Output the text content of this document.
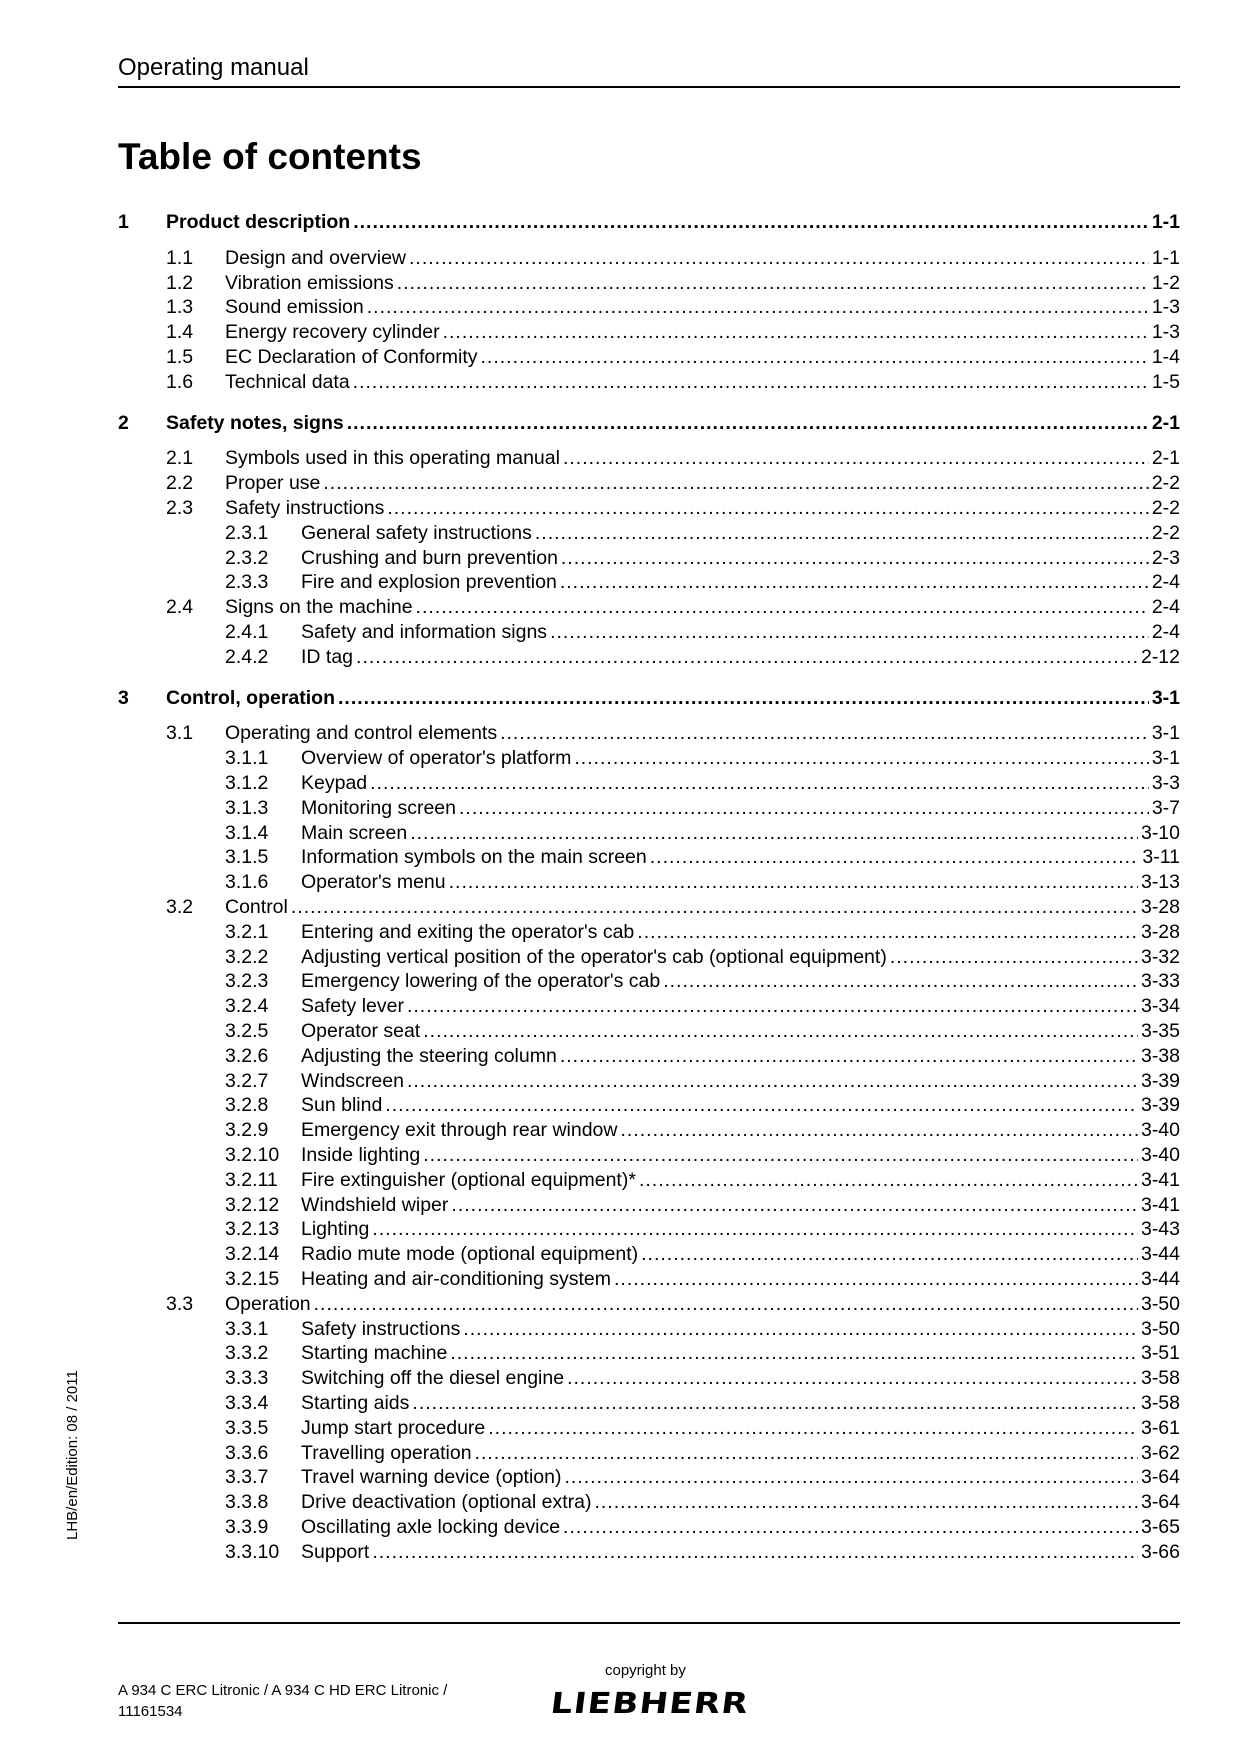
Operating manual
Table of contents
1 Product description .....	1-1
1.1 Design and overview .....	1-1
1.2 Vibration emissions .....	1-2
1.3 Sound emission .....	1-3
1.4 Energy recovery cylinder .....	1-3
1.5 EC Declaration of Conformity .....	1-4
1.6 Technical data .....	1-5
2 Safety notes, signs .....	2-1
2.1 Symbols used in this operating manual .....	2-1
2.2 Proper use .....	2-2
2.3 Safety instructions .....	2-2
2.3.1 General safety instructions .....	2-2
2.3.2 Crushing and burn prevention .....	2-3
2.3.3 Fire and explosion prevention .....	2-4
2.4 Signs on the machine .....	2-4
2.4.1 Safety and information signs .....	2-4
2.4.2 ID tag .....	2-12
3 Control, operation .....	3-1
3.1 Operating and control elements .....	3-1
3.1.1 Overview of operator's platform .....	3-1
3.1.2 Keypad .....	3-3
3.1.3 Monitoring screen .....	3-7
3.1.4 Main screen .....	3-10
3.1.5 Information symbols on the main screen .....	3-11
3.1.6 Operator's menu .....	3-13
3.2 Control .....	3-28
3.2.1 Entering and exiting the operator's cab .....	3-28
3.2.2 Adjusting vertical position of the operator's cab (optional equipment) .....	3-32
3.2.3 Emergency lowering of the operator's cab .....	3-33
3.2.4 Safety lever .....	3-34
3.2.5 Operator seat .....	3-35
3.2.6 Adjusting the steering column .....	3-38
3.2.7 Windscreen .....	3-39
3.2.8 Sun blind .....	3-39
3.2.9 Emergency exit through rear window .....	3-40
3.2.10 Inside lighting .....	3-40
3.2.11 Fire extinguisher (optional equipment)* .....	3-41
3.2.12 Windshield wiper .....	3-41
3.2.13 Lighting .....	3-43
3.2.14 Radio mute mode (optional equipment) .....	3-44
3.2.15 Heating and air-conditioning system .....	3-44
3.3 Operation .....	3-50
3.3.1 Safety instructions .....	3-50
3.3.2 Starting machine .....	3-51
3.3.3 Switching off the diesel engine .....	3-58
3.3.4 Starting aids .....	3-58
3.3.5 Jump start procedure .....	3-61
3.3.6 Travelling operation .....	3-62
3.3.7 Travel warning device (option) .....	3-64
3.3.8 Drive deactivation (optional extra) .....	3-64
3.3.9 Oscillating axle locking device .....	3-65
3.3.10 Support .....	3-66
LHB/en/Edition: 08 / 2011
A 934 C ERC Litronic / A 934 C HD ERC Litronic /
11161534
copyright by
LIEBHERR
